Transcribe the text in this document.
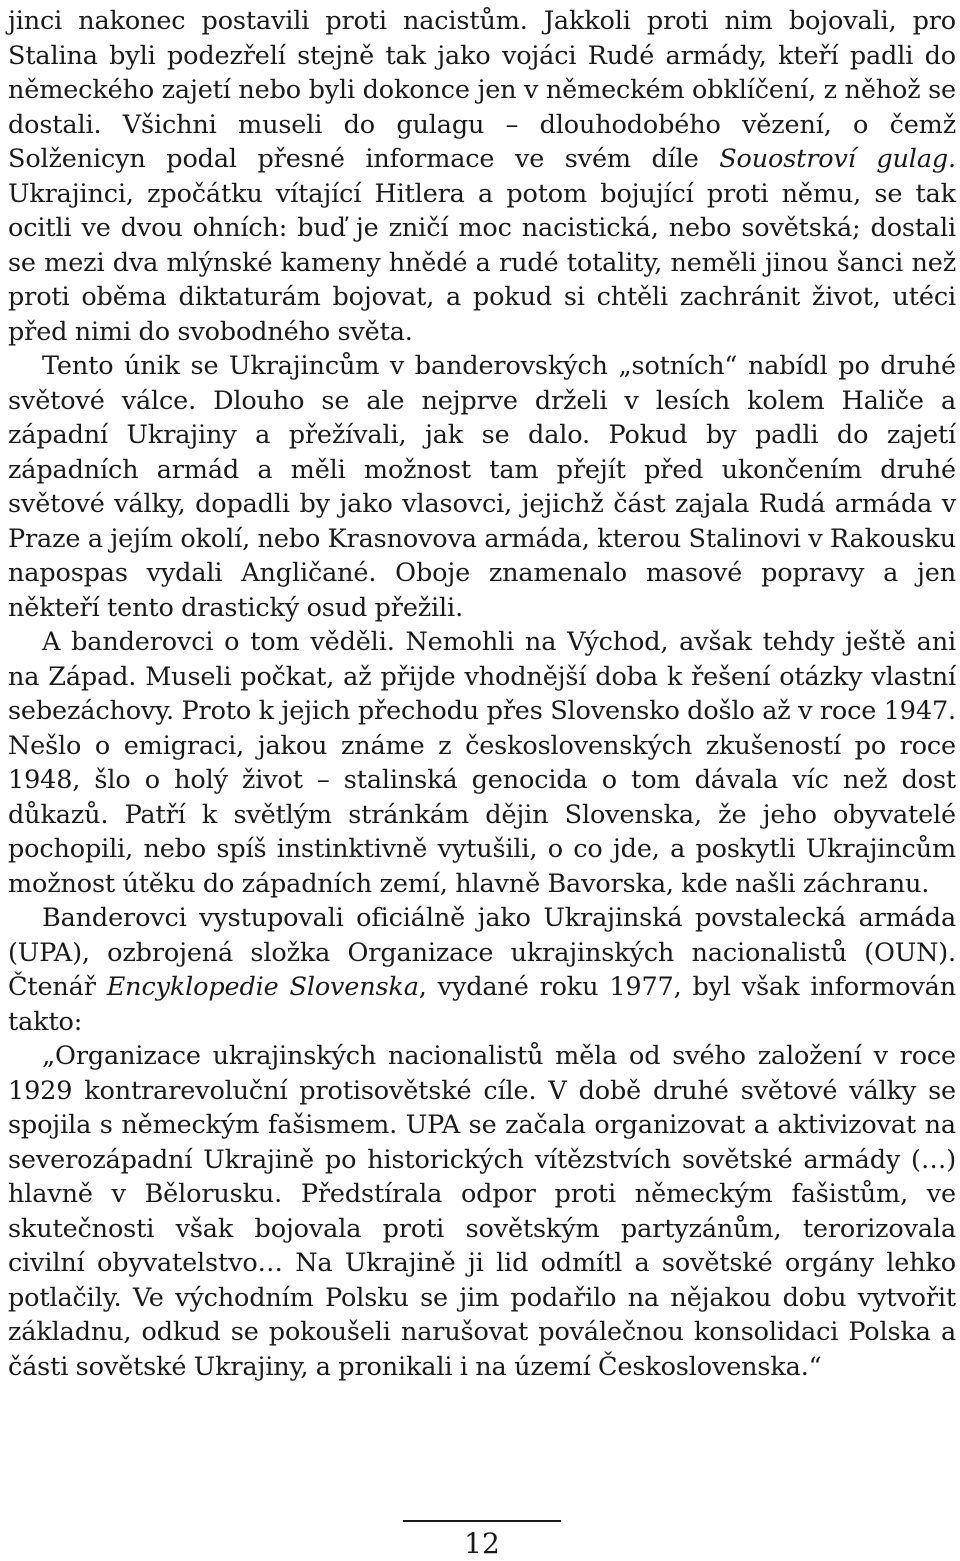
jinci nakonec postavili proti nacistům. Jakkoli proti nim bojovali, pro Stalina byli podezřelí stejně tak jako vojáci Rudé armády, kteří padli do německého zajetí nebo byli dokonce jen v německém obklíčení, z něhož se dostali. Všichni museli do gulagu – dlouhodobého vězení, o čemž Solženicyn podal přesné informace ve svém díle Souostroví gulag. Ukrajinci, zpočátku vítající Hitlera a potom bojující proti němu, se tak ocitli ve dvou ohních: buď je zničí moc nacistická, nebo sovětská; dostali se mezi dva mlýnské kameny hnědé a rudé totality, neměli jinou šanci než proti oběma diktaturám bojovat, a pokud si chtěli zachránit život, utéci před nimi do svobodného světa.

Tento únik se Ukrajincům v banderovských „sotních“ nabídl po druhé světové válce. Dlouho se ale nejprve drželi v lesích kolem Haliče a západní Ukrajiny a přežívali, jak se dalo. Pokud by padli do zajetí západních armád a měli možnost tam přejít před ukončením druhé světové války, dopadli by jako vlasovci, jejichž část zajala Rudá armáda v Praze a jejím okolí, nebo Krasnovova armáda, kterou Stalinovi v Rakousku napospas vydali Angličané. Oboje znamenalo masové popravy a jen někteří tento drastický osud přežili.

A banderovci o tom věděli. Nemohli na Východ, avšak tehdy ještě ani na Západ. Museli počkat, až přijde vhodnější doba k řešení otázky vlastní sebezáchovy. Proto k jejich přechodu přes Slovensko došlo až v roce 1947. Nešlo o emigraci, jakou známe z československých zkušeností po roce 1948, šlo o holý život – stalinská genocida o tom dávala víc než dost důkazů. Patří k světlým stránkám dějin Slovenska, že jeho obyvatelé pochopili, nebo spíš instinktivně vytušili, o co jde, a poskytli Ukrajincům možnost útěku do západních zemí, hlavně Bavorska, kde našli záchranu.

Banderovci vystupovali oficiálně jako Ukrajinská povstalecká armáda (UPA), ozbrojená složka Organizace ukrajinských nacionalistů (OUN). Čtenář Encyklopedie Slovenska, vydané roku 1977, byl však informován takto:

„Organizace ukrajinských nacionalistů měla od svého založení v roce 1929 kontrarevoluční protisovětské cíle. V době druhé světové války se spojila s německým fašismem. UPA se začala organizovat a aktivizovat na severozápadní Ukrajině po historických vítězstvích sovětské armády (…) hlavně v Bělorusku. Předstírala odpor proti německým fašistům, ve skutečnosti však bojovala proti sovětským partyzánům, terorizovala civilní obyvatelstvo… Na Ukrajině ji lid odmítl a sovětské orgány lehko potlačily. Ve východním Polsku se jim podařilo na nějakou dobu vytvořit základnu, odkud se pokoušeli narušovat poválečnou konsolidaci Polska a části sovětské Ukrajiny, a pronikali i na území Československa.“

12
